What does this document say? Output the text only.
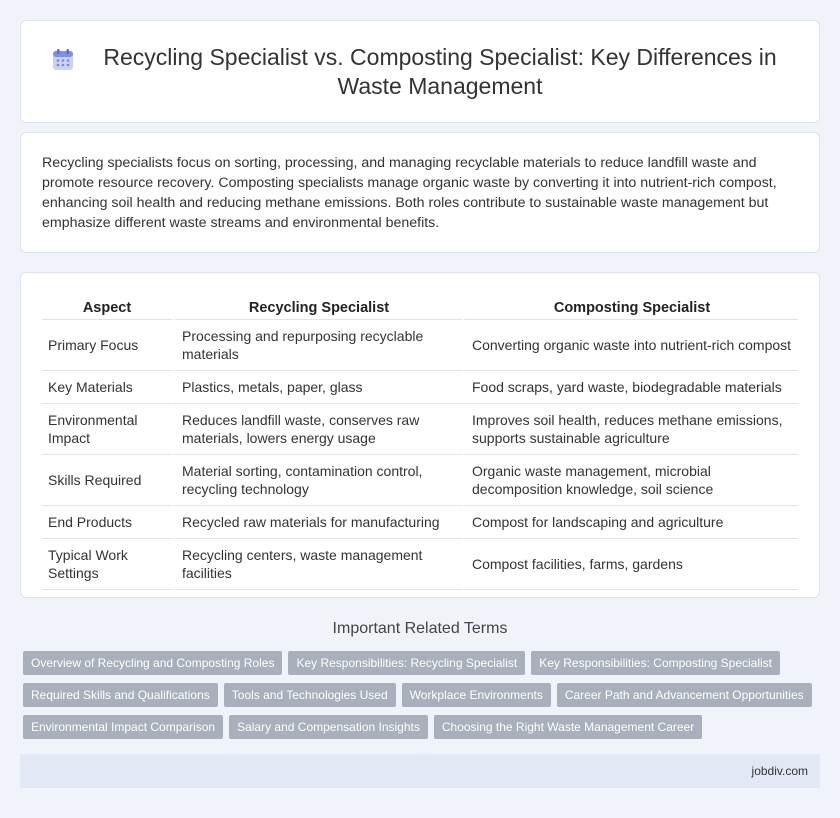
Recycling Specialist vs. Composting Specialist: Key Differences in Waste Management

Recycling specialists focus on sorting, processing, and managing recyclable materials to reduce landfill waste and promote resource recovery. Composting specialists manage organic waste by converting it into nutrient-rich compost, enhancing soil health and reducing methane emissions. Both roles contribute to sustainable waste management but emphasize different waste streams and environmental benefits.

Aspect	Recycling Specialist	Composting Specialist
Primary Focus	Processing and repurposing recyclable materials	Converting organic waste into nutrient-rich compost
Key Materials	Plastics, metals, paper, glass	Food scraps, yard waste, biodegradable materials
Environmental Impact	Reduces landfill waste, conserves raw materials, lowers energy usage	Improves soil health, reduces methane emissions, supports sustainable agriculture
Skills Required	Material sorting, contamination control, recycling technology	Organic waste management, microbial decomposition knowledge, soil science
End Products	Recycled raw materials for manufacturing	Compost for landscaping and agriculture
Typical Work Settings	Recycling centers, waste management facilities	Compost facilities, farms, gardens
Important Related Terms
Overview of Recycling and Composting Roles	Key Responsibilities: Recycling Specialist	Key Responsibilities: Composting Specialist
Required Skills and Qualifications	Tools and Technologies Used	Workplace Environments	Career Path and Advancement Opportunities
Environmental Impact Comparison	Salary and Compensation Insights	Choosing the Right Waste Management Career
jobdiv.com
